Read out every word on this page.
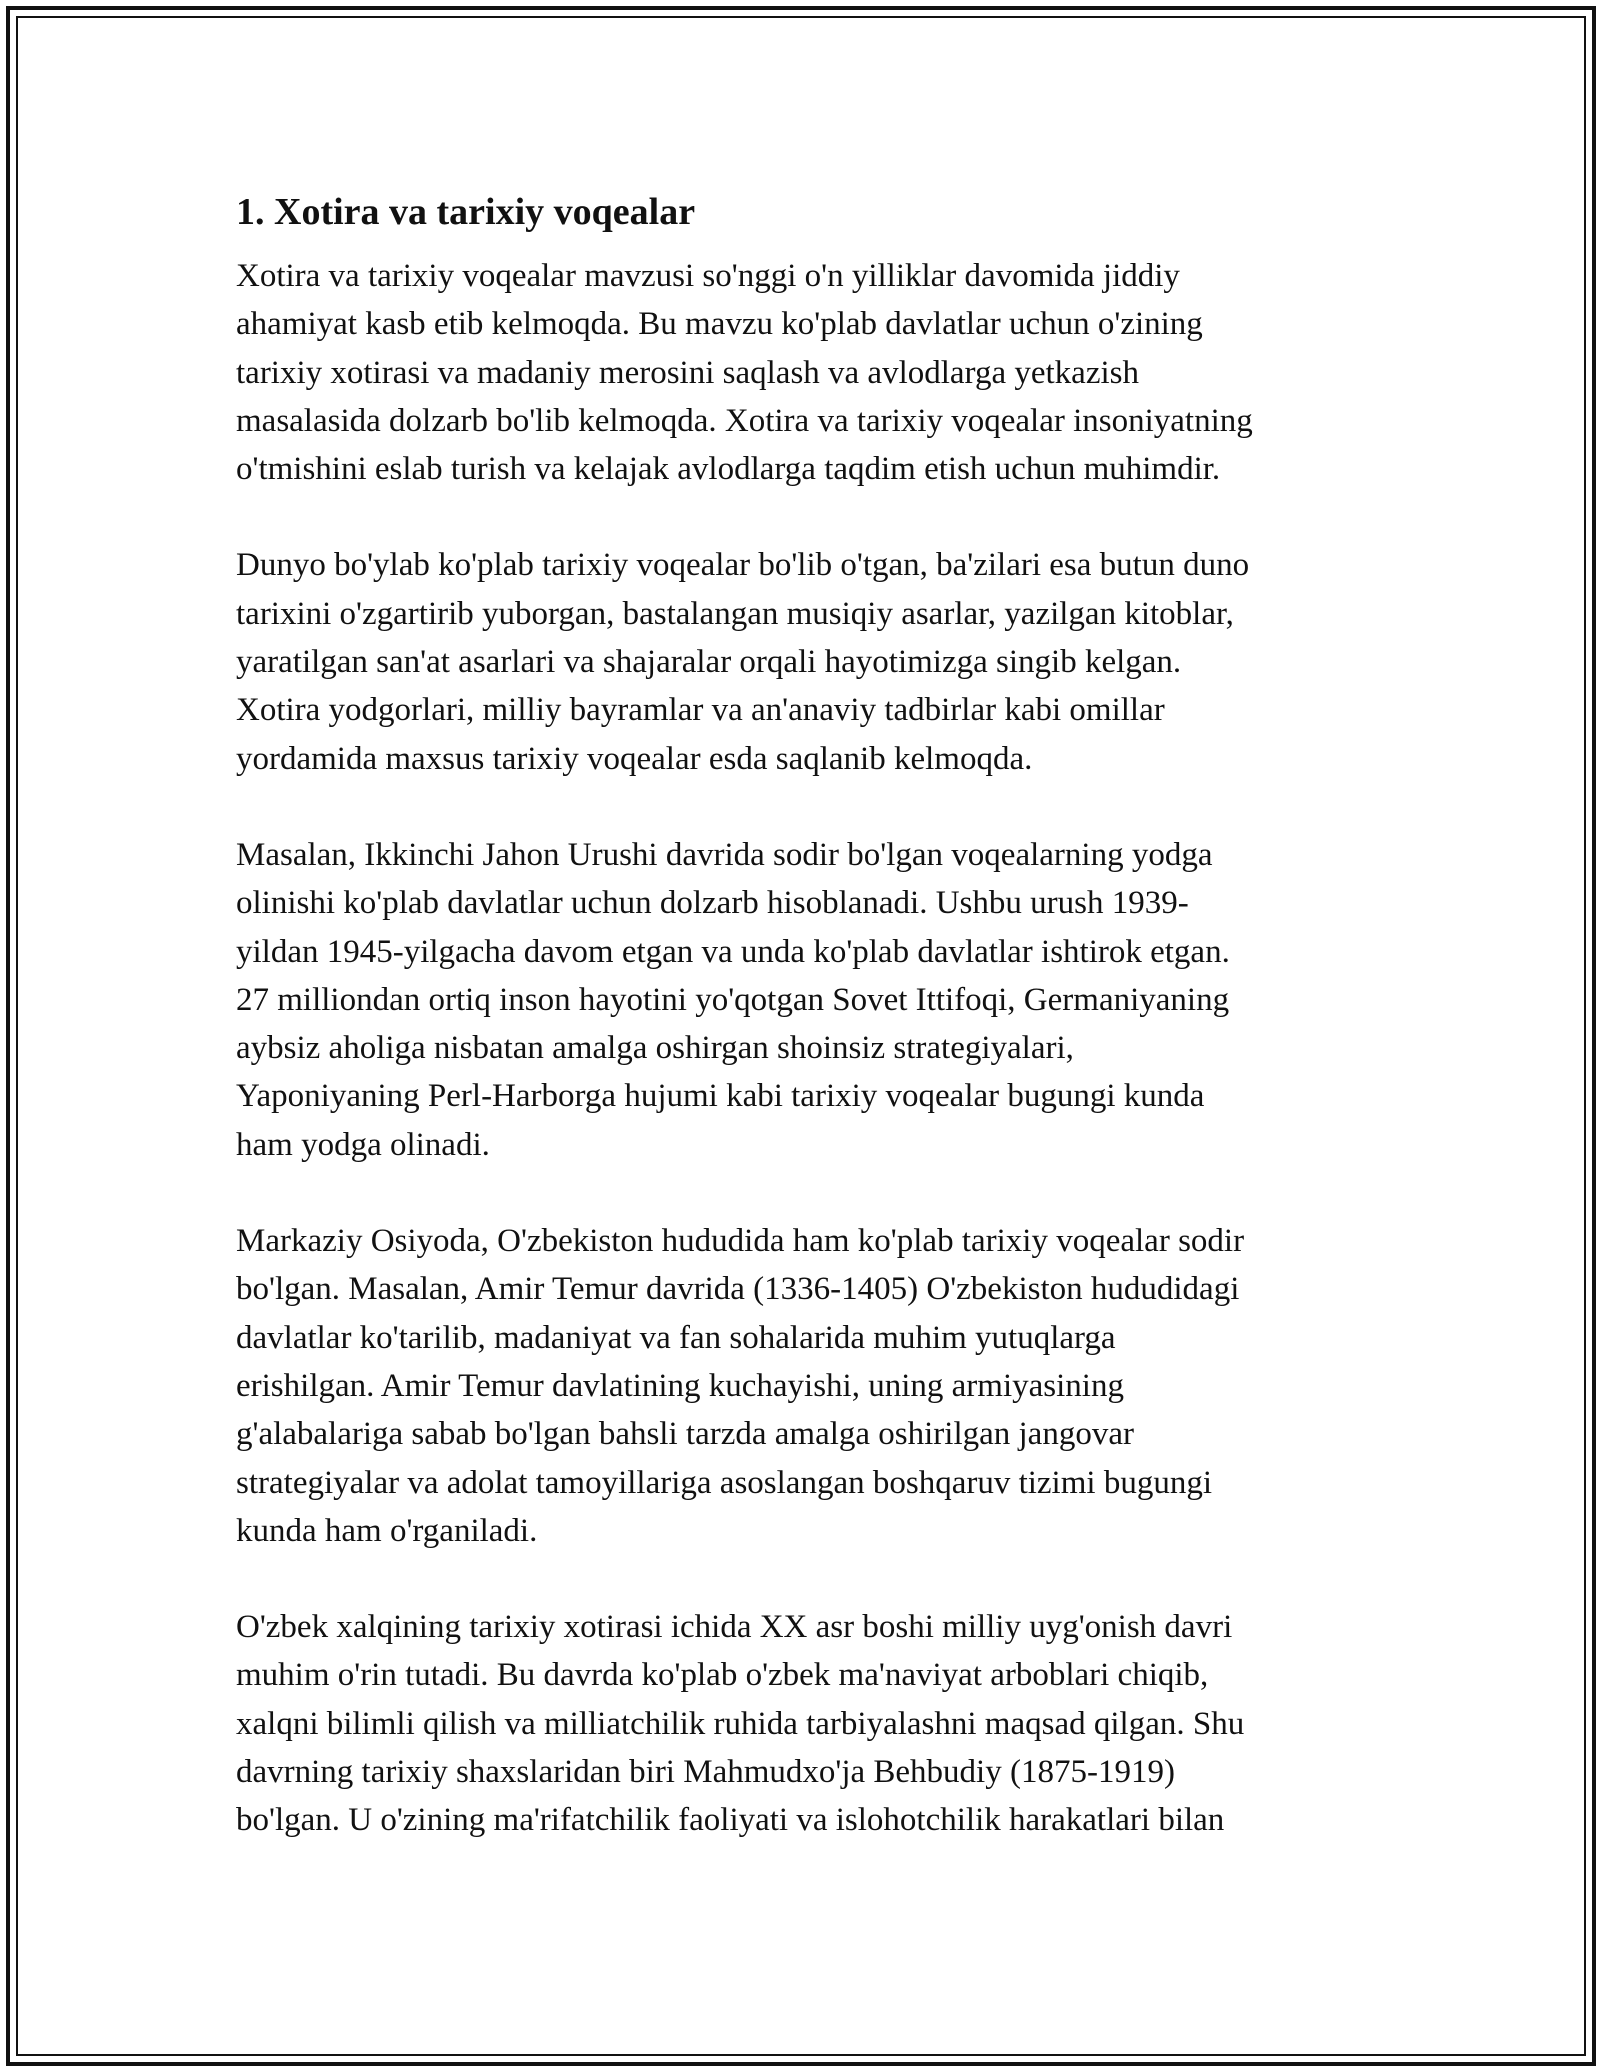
1. Xotira va tarixiy voqealar

Xotira va tarixiy voqealar mavzusi so'nggi o'n yilliklar davomida jiddiy
ahamiyat kasb etib kelmoqda. Bu mavzu ko'plab davlatlar uchun o'zining
tarixiy xotirasi va madaniy merosini saqlash va avlodlarga yetkazish
masalasida dolzarb bo'lib kelmoqda. Xotira va tarixiy voqealar insoniyatning
o'tmishini eslab turish va kelajak avlodlarga taqdim etish uchun muhimdir.

Dunyo bo'ylab ko'plab tarixiy voqealar bo'lib o'tgan, ba'zilari esa butun duno
tarixini o'zgartirib yuborgan, bastalangan musiqiy asarlar, yazilgan kitoblar,
yaratilgan san'at asarlari va shajaralar orqali hayotimizga singib kelgan.
Xotira yodgorlari, milliy bayramlar va an'anaviy tadbirlar kabi omillar
yordamida maxsus tarixiy voqealar esda saqlanib kelmoqda.

Masalan, Ikkinchi Jahon Urushi davrida sodir bo'lgan voqealarning yodga
olinishi ko'plab davlatlar uchun dolzarb hisoblanadi. Ushbu urush 1939-
yildan 1945-yilgacha davom etgan va unda ko'plab davlatlar ishtirok etgan.
27 milliondan ortiq inson hayotini yo'qotgan Sovet Ittifoqi, Germaniyaning
aybsiz aholiga nisbatan amalga oshirgan shoinsiz strategiyalari,
Yaponiyaning Perl-Harborga hujumi kabi tarixiy voqealar bugungi kunda
ham yodga olinadi.

Markaziy Osiyoda, O'zbekiston hududida ham ko'plab tarixiy voqealar sodir
bo'lgan. Masalan, Amir Temur davrida (1336-1405) O'zbekiston hududidagi
davlatlar ko'tarilib, madaniyat va fan sohalarida muhim yutuqlarga
erishilgan. Amir Temur davlatining kuchayishi, uning armiyasining
g'alabalariga sabab bo'lgan bahsli tarzda amalga oshirilgan jangovar
strategiyalar va adolat tamoyillariga asoslangan boshqaruv tizimi bugungi
kunda ham o'rganiladi.

O'zbek xalqining tarixiy xotirasi ichida XX asr boshi milliy uyg'onish davri
muhim o'rin tutadi. Bu davrda ko'plab o'zbek ma'naviyat arboblari chiqib,
xalqni bilimli qilish va milliatchilik ruhida tarbiyalashni maqsad qilgan. Shu
davrning tarixiy shaxslaridan biri Mahmudxo'ja Behbudiy (1875-1919)
bo'lgan. U o'zining ma'rifatchilik faoliyati va islohotchilik harakatlari bilan
